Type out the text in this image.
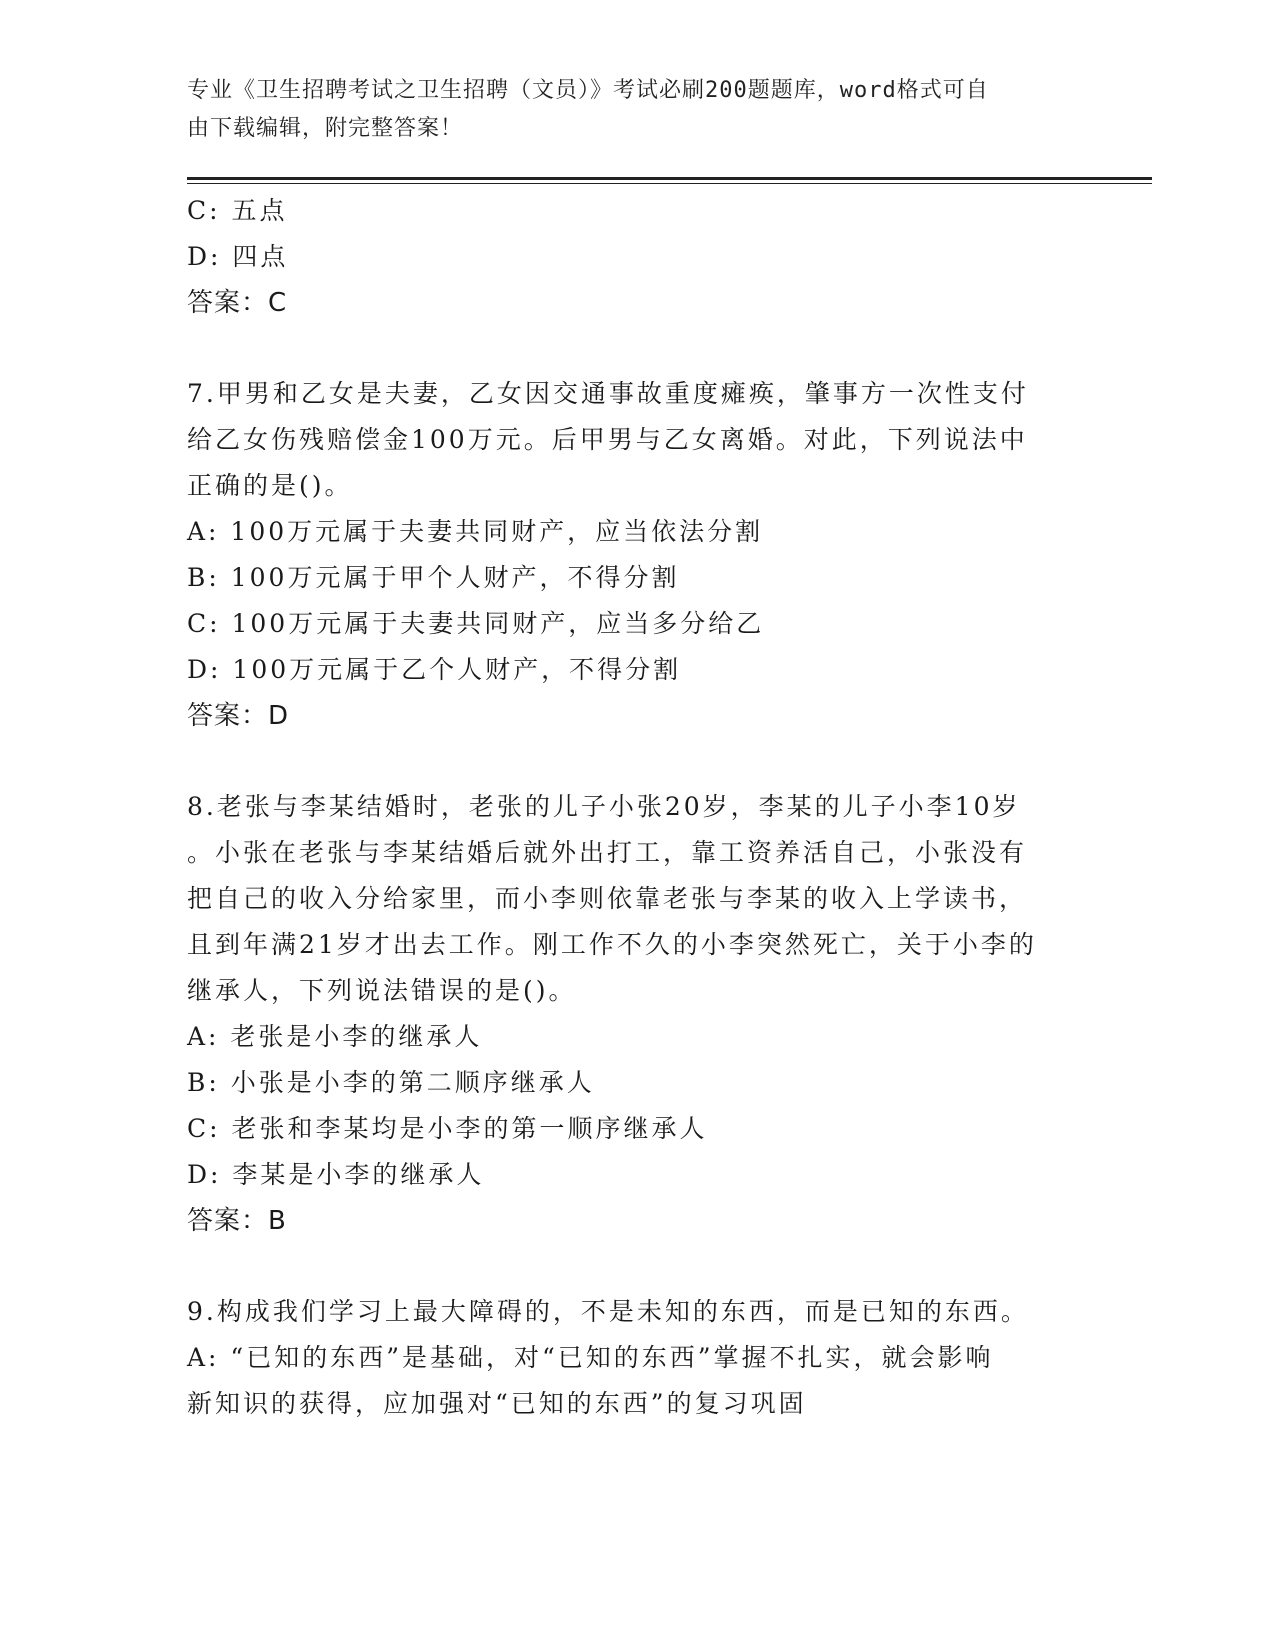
专业《卫生招聘考试之卫生招聘（文员）》考试必刷200题题库，word格式可自
由下载编辑，附完整答案！
C: 五点
D: 四点
答案：C
7.甲男和乙女是夫妻，乙女因交通事故重度瘫痪，肇事方一次性支付
给乙女伤残赔偿金100万元。后甲男与乙女离婚。对此，下列说法中
正确的是()。
A: 100万元属于夫妻共同财产，应当依法分割
B: 100万元属于甲个人财产，不得分割
C: 100万元属于夫妻共同财产，应当多分给乙
D: 100万元属于乙个人财产，不得分割
答案：D
8.老张与李某结婚时，老张的儿子小张20岁，李某的儿子小李10岁
。小张在老张与李某结婚后就外出打工，靠工资养活自己，小张没有
把自己的收入分给家里，而小李则依靠老张与李某的收入上学读书，
且到年满21岁才出去工作。刚工作不久的小李突然死亡，关于小李的
继承人，下列说法错误的是()。
A: 老张是小李的继承人
B: 小张是小李的第二顺序继承人
C: 老张和李某均是小李的第一顺序继承人
D: 李某是小李的继承人
答案：B
9.构成我们学习上最大障碍的，不是未知的东西，而是已知的东西。
A: “已知的东西”是基础，对“已知的东西”掌握不扎实，就会影响
新知识的获得，应加强对“已知的东西”的复习巩固
